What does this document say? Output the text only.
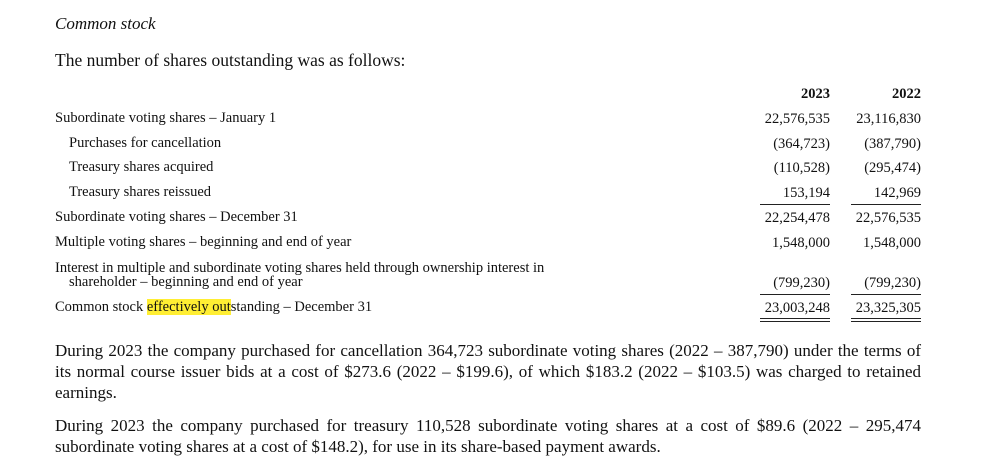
Common stock
The number of shares outstanding was as follows:
2023	2022
Subordinate voting shares – January 1	22,576,535	23,116,830
Purchases for cancellation	(364,723)	(387,790)
Treasury shares acquired	(110,528)	(295,474)
Treasury shares reissued	153,194	142,969
Subordinate voting shares – December 31	22,254,478	22,576,535
Multiple voting shares – beginning and end of year	1,548,000	1,548,000
Interest in multiple and subordinate voting shares held through ownership interest in
shareholder – beginning and end of year	(799,230)	(799,230)
Common stock effectively outstanding – December 31	23,003,248	23,325,305
During 2023 the company purchased for cancellation 364,723 subordinate voting shares (2022 – 387,790) under the terms of its normal course issuer bids at a cost of $273.6 (2022 – $199.6), of which $183.2 (2022 – $103.5) was charged to retained earnings.
During 2023 the company purchased for treasury 110,528 subordinate voting shares at a cost of $89.6 (2022 – 295,474 subordinate voting shares at a cost of $148.2), for use in its share-based payment awards.
